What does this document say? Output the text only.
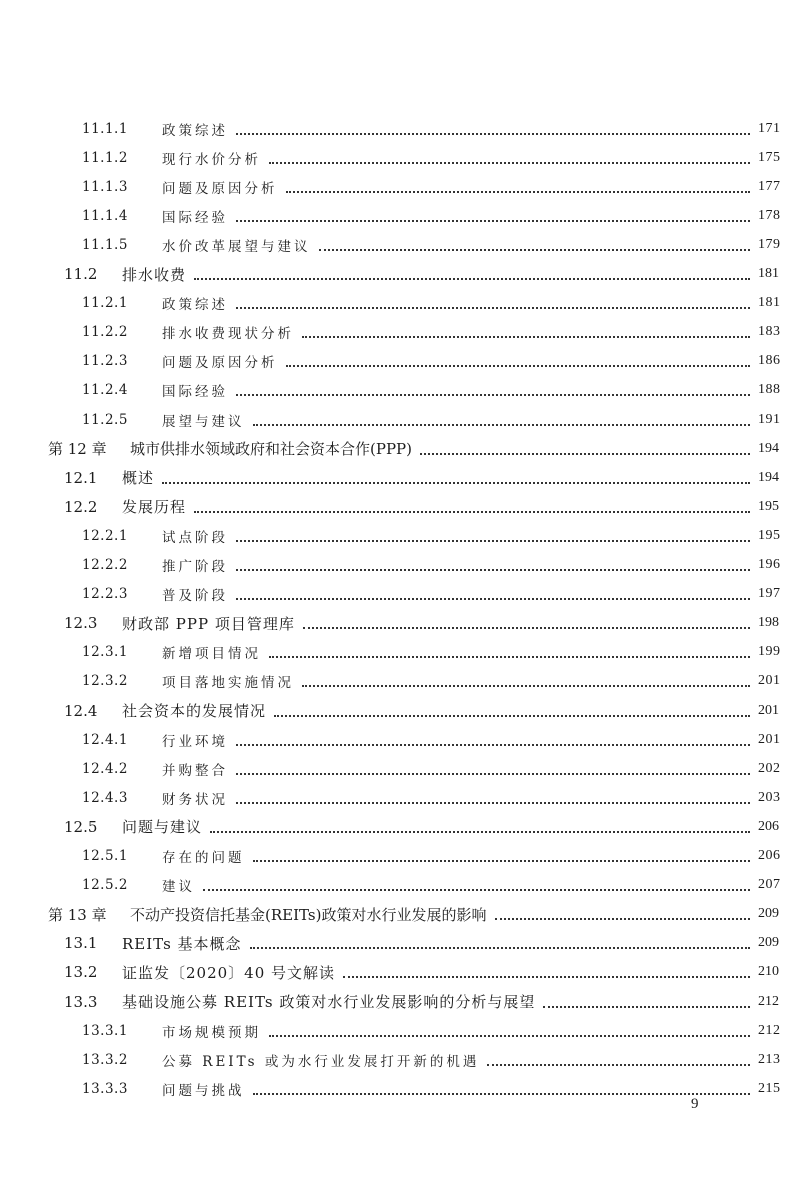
11.1.1	政策综述	171
11.1.2	现行水价分析	175
11.1.3	问题及原因分析	177
11.1.4	国际经验	178
11.1.5	水价改革展望与建议	179
11.2	排水收费	181
11.2.1	政策综述	181
11.2.2	排水收费现状分析	183
11.2.3	问题及原因分析	186
11.2.4	国际经验	188
11.2.5	展望与建议	191
第 12 章	城市供排水领域政府和社会资本合作(PPP)	194
12.1	概述	194
12.2	发展历程	195
12.2.1	试点阶段	195
12.2.2	推广阶段	196
12.2.3	普及阶段	197
12.3	财政部 PPP 项目管理库	198
12.3.1	新增项目情况	199
12.3.2	项目落地实施情况	201
12.4	社会资本的发展情况	201
12.4.1	行业环境	201
12.4.2	并购整合	202
12.4.3	财务状况	203
12.5	问题与建议	206
12.5.1	存在的问题	206
12.5.2	建议	207
第 13 章	不动产投资信托基金(REITs)政策对水行业发展的影响	209
13.1	REITs 基本概念	209
13.2	证监发〔2020〕40 号文解读	210
13.3	基础设施公募 REITs 政策对水行业发展影响的分析与展望	212
13.3.1	市场规模预期	212
13.3.2	公募 REITs 或为水行业发展打开新的机遇	213
13.3.3	问题与挑战	215
9
